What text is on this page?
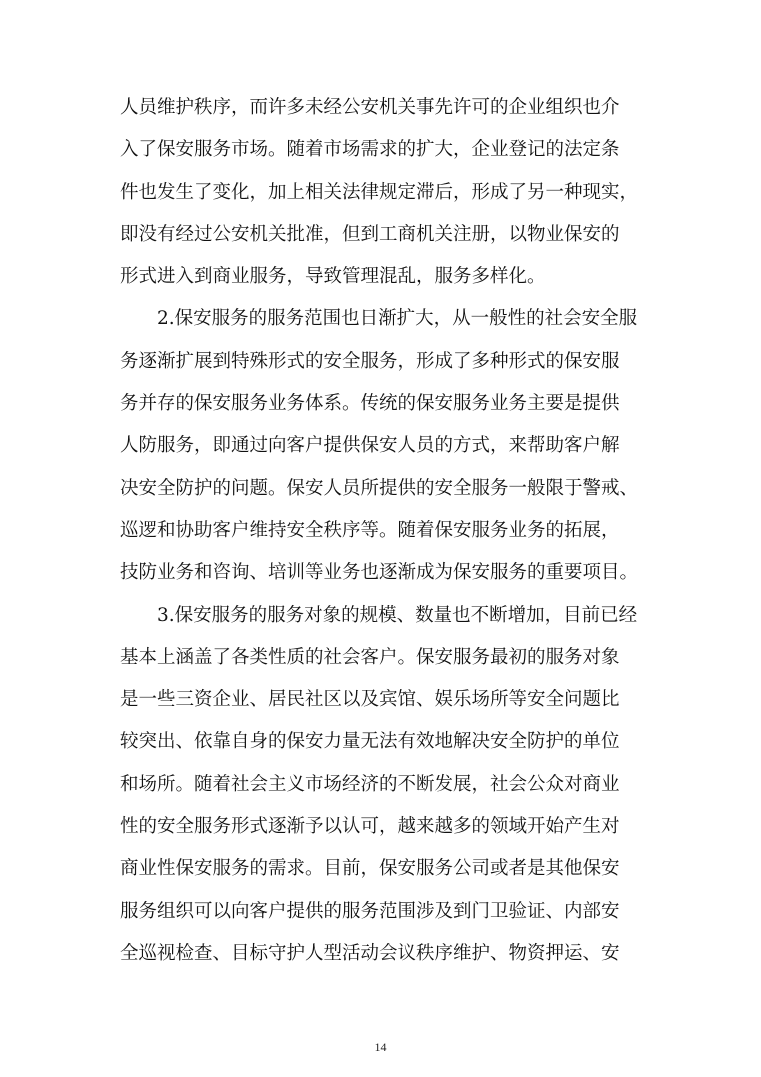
人员维护秩序，而许多未经公安机关事先许可的企业组织也介
入了保安服务市场。随着市场需求的扩大，企业登记的法定条
件也发生了变化，加上相关法律规定滞后，形成了另一种现实，
即没有经过公安机关批准，但到工商机关注册，以物业保安的
形式进入到商业服务，导致管理混乱，服务多样化。
2.保安服务的服务范围也日渐扩大，从一般性的社会安全服
务逐渐扩展到特殊形式的安全服务，形成了多种形式的保安服
务并存的保安服务业务体系。传统的保安服务业务主要是提供
人防服务，即通过向客户提供保安人员的方式，来帮助客户解
决安全防护的问题。保安人员所提供的安全服务一般限于警戒、
巡逻和协助客户维持安全秩序等。随着保安服务业务的拓展，
技防业务和咨询、培训等业务也逐渐成为保安服务的重要项目。
3.保安服务的服务对象的规模、数量也不断增加，目前已经
基本上涵盖了各类性质的社会客户。保安服务最初的服务对象
是一些三资企业、居民社区以及宾馆、娱乐场所等安全问题比
较突出、依靠自身的保安力量无法有效地解决安全防护的单位
和场所。随着社会主义市场经济的不断发展，社会公众对商业
性的安全服务形式逐渐予以认可，越来越多的领域开始产生对
商业性保安服务的需求。目前，保安服务公司或者是其他保安
服务组织可以向客户提供的服务范围涉及到门卫验证、内部安
全巡视检查、目标守护人型活动会议秩序维护、物资押运、安
14
